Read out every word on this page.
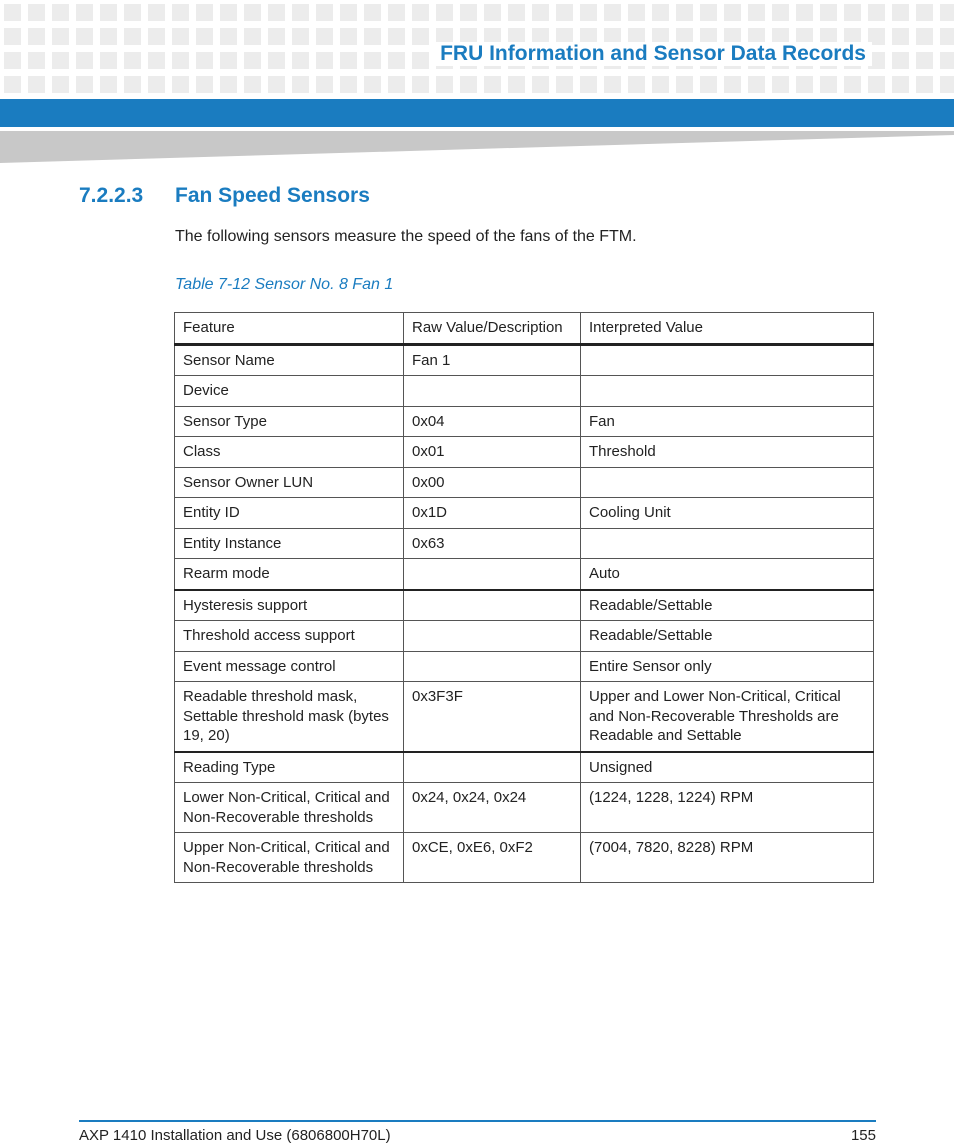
FRU Information and Sensor Data Records
7.2.2.3 Fan Speed Sensors
The following sensors measure the speed of the fans of the FTM.
Table 7-12 Sensor No. 8 Fan 1
Feature	Raw Value/Description	Interpreted Value
Sensor Name	Fan 1	
Device		
Sensor Type	0x04	Fan
Class	0x01	Threshold
Sensor Owner LUN	0x00	
Entity ID	0x1D	Cooling Unit
Entity Instance	0x63	
Rearm mode		Auto
Hysteresis support		Readable/Settable
Threshold access support		Readable/Settable
Event message control		Entire Sensor only
Readable threshold mask, Settable threshold mask (bytes 19, 20)	0x3F3F	Upper and Lower Non-Critical, Critical and Non-Recoverable Thresholds are Readable and Settable
Reading Type		Unsigned
Lower Non-Critical, Critical and Non-Recoverable thresholds	0x24, 0x24, 0x24	(1224, 1228, 1224) RPM
Upper Non-Critical, Critical and Non-Recoverable thresholds	0xCE, 0xE6, 0xF2	(7004, 7820, 8228) RPM
AXP 1410 Installation and Use (6806800H70L)	155
